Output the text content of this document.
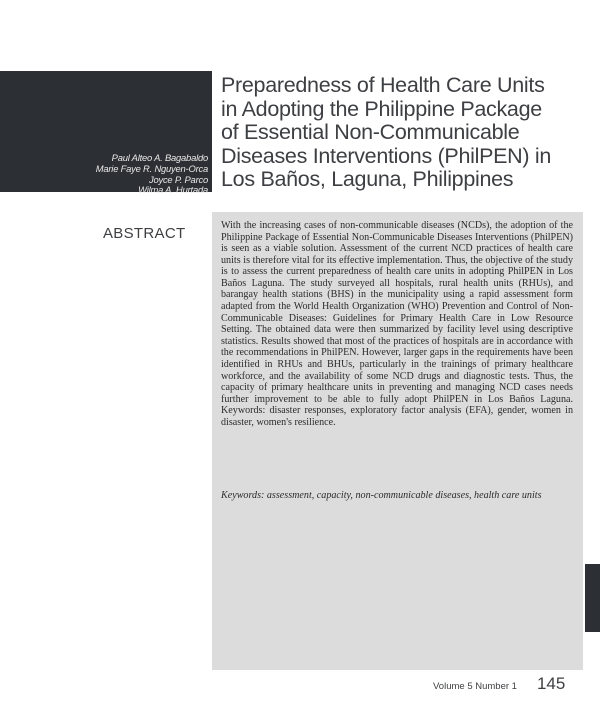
Paul Alteo A. Bagabaldo
Marie Faye R. Nguyen-Orca
Joyce P. Parco
Wilma A. Hurtada
Preparedness of Health Care Units
in Adopting the Philippine Package
of Essential Non-Communicable
Diseases Interventions (PhilPEN) in
Los Baños, Laguna, Philippines
ABSTRACT	With the increasing cases of non-communicable diseases (NCDs), the adoption of the Philippine Package of Essential Non-Communicable Diseases Interventions (PhilPEN) is seen as a viable solution. Assessment of the current NCD practices of health care units is therefore vital for its effective implementation. Thus, the objective of the study is to assess the current preparedness of health care units in adopting PhilPEN in Los Baños Laguna. The study surveyed all hospitals, rural health units (RHUs), and barangay health stations (BHS) in the municipality using a rapid assessment form adapted from the World Health Organization (WHO) Prevention and Control of Non-Communicable Diseases: Guidelines for Primary Health Care in Low Resource Setting. The obtained data were then summarized by facility level using descriptive statistics. Results showed that most of the practices of hospitals are in accordance with the recommendations in PhilPEN. However, larger gaps in the requirements have been identified in RHUs and BHUs, particularly in the trainings of primary healthcare workforce, and the availability of some NCD drugs and diagnostic tests. Thus, the capacity of primary healthcare units in preventing and managing NCD cases needs further improvement to be able to fully adopt PhilPEN in Los Baños Laguna. Keywords: disaster responses, exploratory factor analysis (EFA), gender, women in disaster, women's resilience.

Keywords: assessment, capacity, non-communicable diseases, health care units

Volume 5 Number 1 145
